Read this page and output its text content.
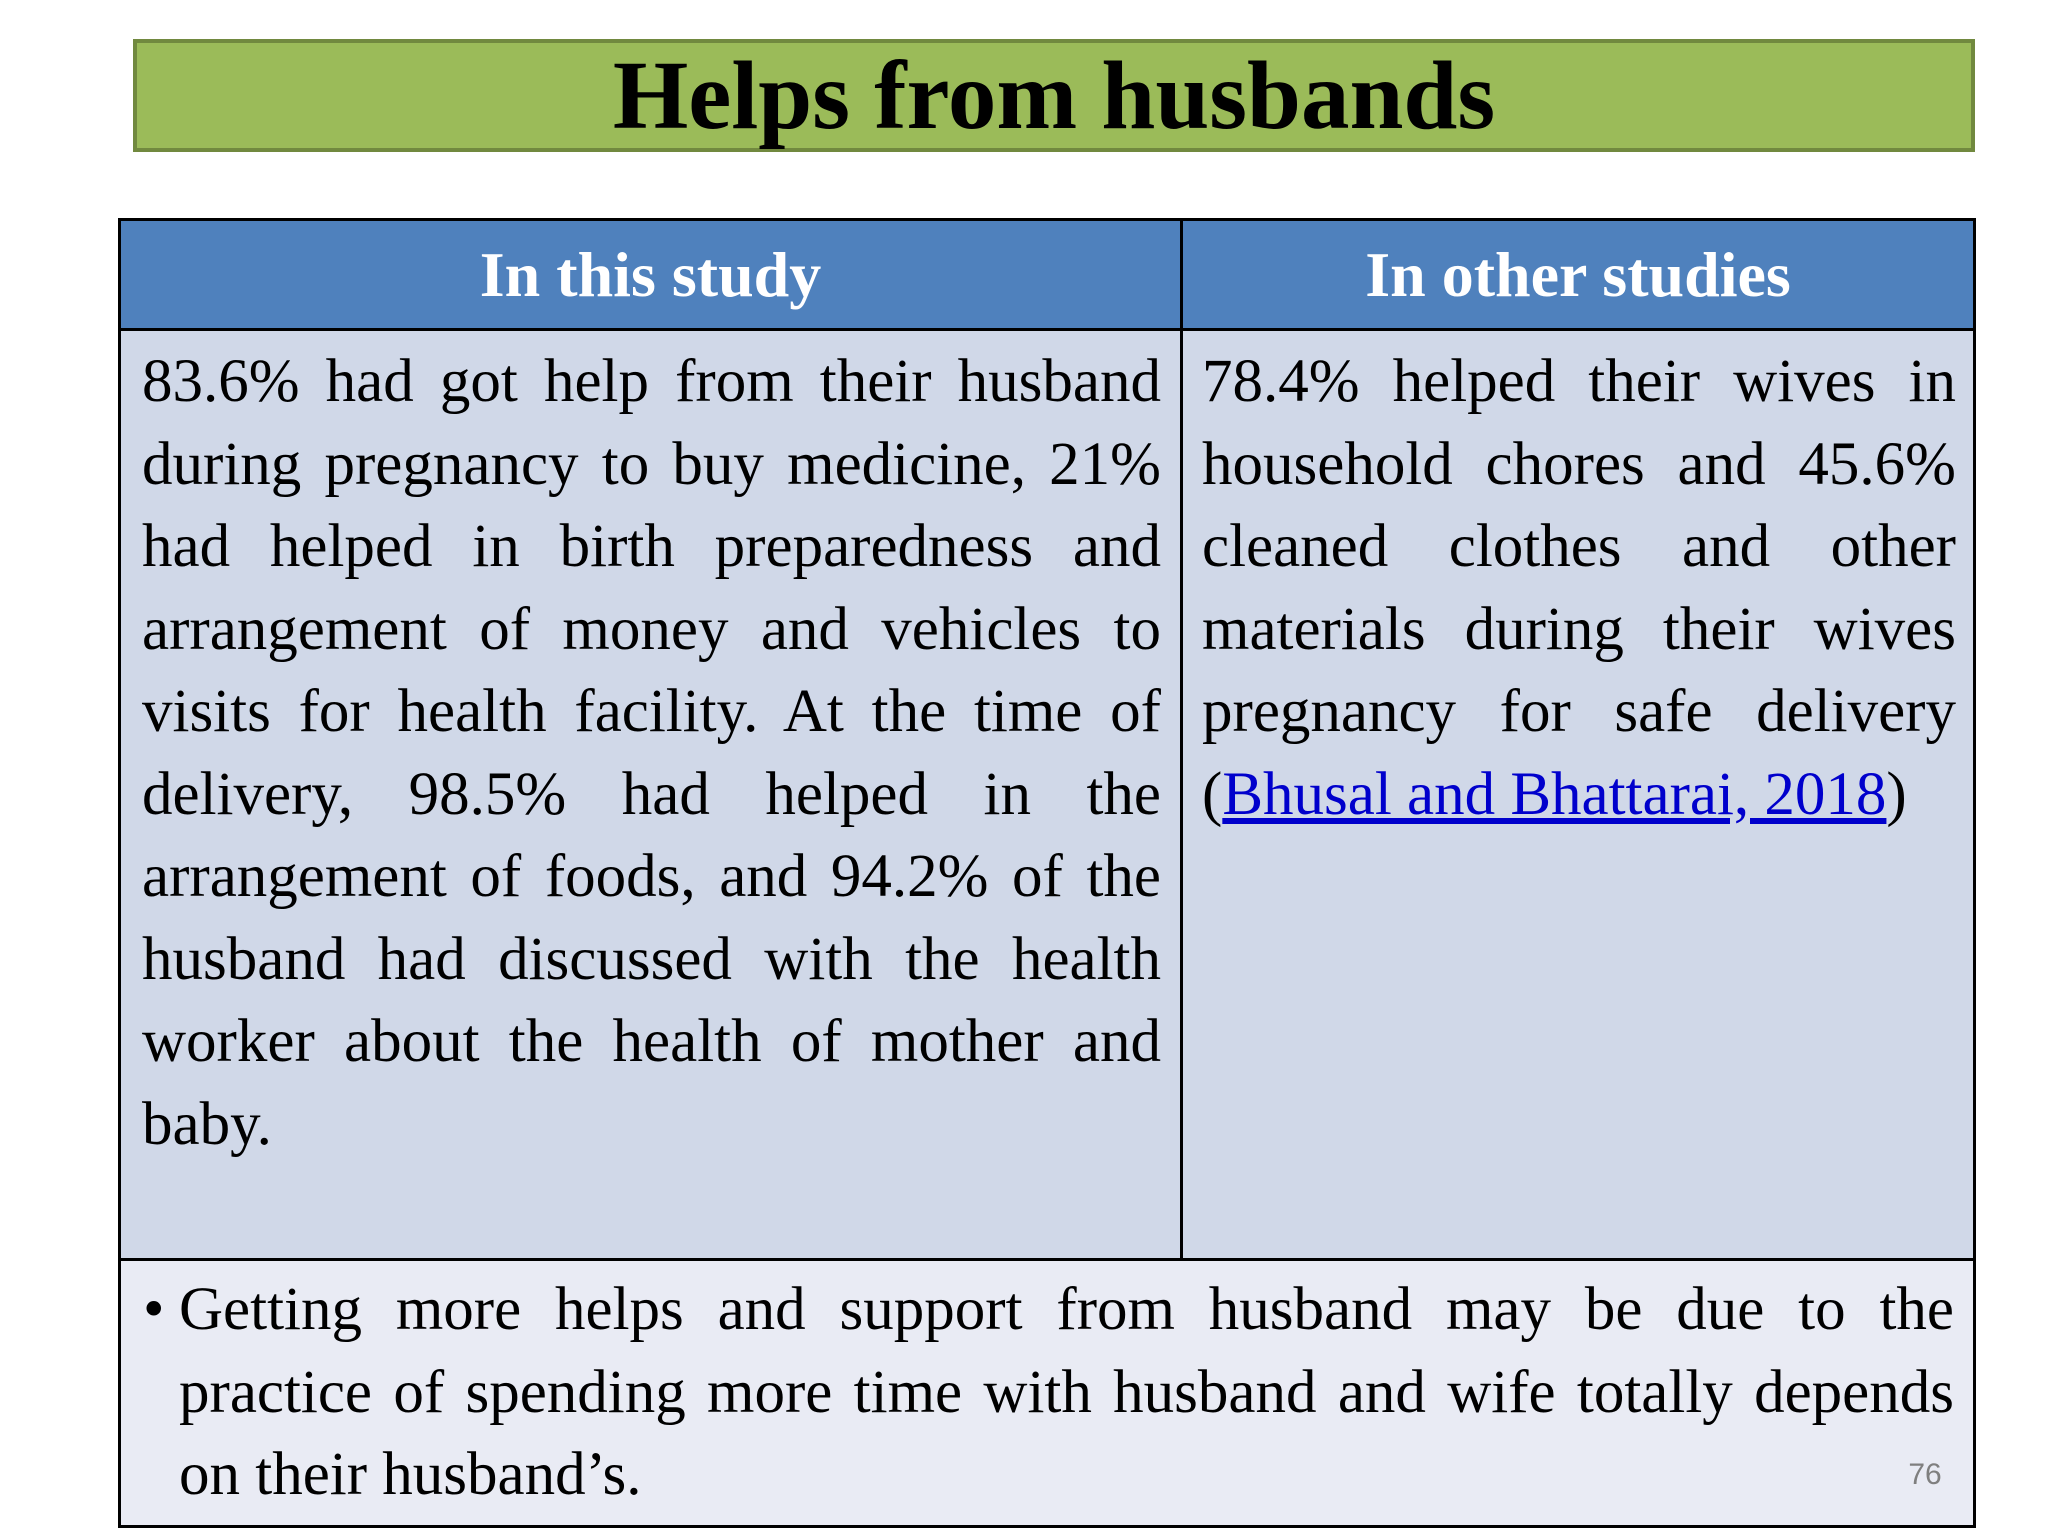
Helps from husbands
In this study	In other studies
83.6% had got help from their husband during pregnancy to buy medicine, 21% had helped in birth preparedness and arrangement of money and vehicles to visits for health facility. At the time of delivery, 98.5% had helped in the arrangement of foods, and 94.2% of the husband had discussed with the health worker about the health of mother and baby.
78.4% helped their wives in household chores and 45.6% cleaned clothes and other materials during their wives pregnancy for safe delivery (Bhusal and Bhattarai, 2018)
• Getting more helps and support from husband may be due to the practice of spending more time with husband and wife totally depends on their husband’s.	76
